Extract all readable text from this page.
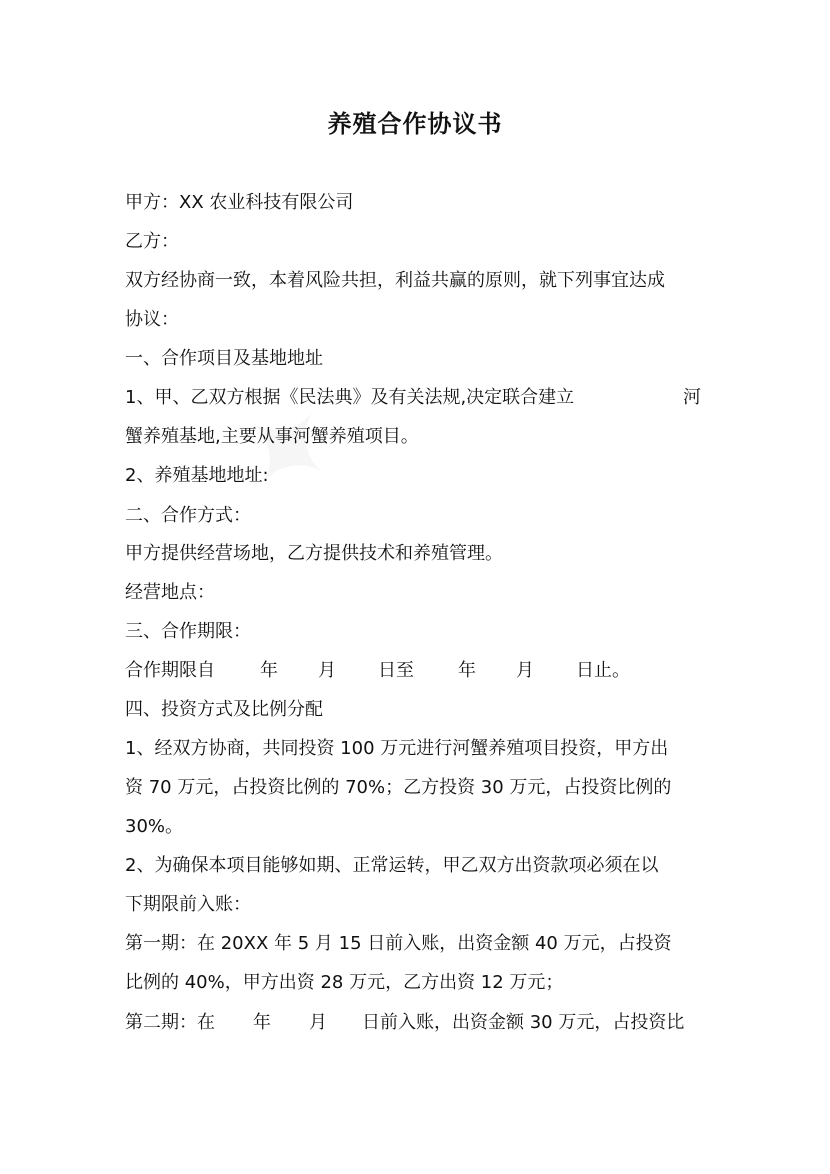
养殖合作协议书
甲方：XX 农业科技有限公司
乙方：
双方经协商一致，本着风险共担，利益共赢的原则，就下列事宜达成
协议：
一、合作项目及基地地址
1、甲、乙双方根据《民法典》及有关法规,决定联合建立	河
蟹养殖基地,主要从事河蟹养殖项目。
2、养殖基地地址:
二、合作方式：
甲方提供经营场地，乙方提供技术和养殖管理。
经营地点：
三、合作期限：
合作期限自	年 月 日至 年 月 日止。
四、投资方式及比例分配
1、经双方协商，共同投资 100 万元进行河蟹养殖项目投资，甲方出
资 70 万元，占投资比例的 70%；乙方投资 30 万元，占投资比例的
30%。
2、为确保本项目能够如期、正常运转，甲乙双方出资款项必须在以
下期限前入账：
第一期：在 20XX 年 5 月 15 日前入账，出资金额 40 万元，占投资
比例的 40%，甲方出资 28 万元，乙方出资 12 万元；
第二期：在 年 月 日前入账，出资金额 30 万元，占投资比
